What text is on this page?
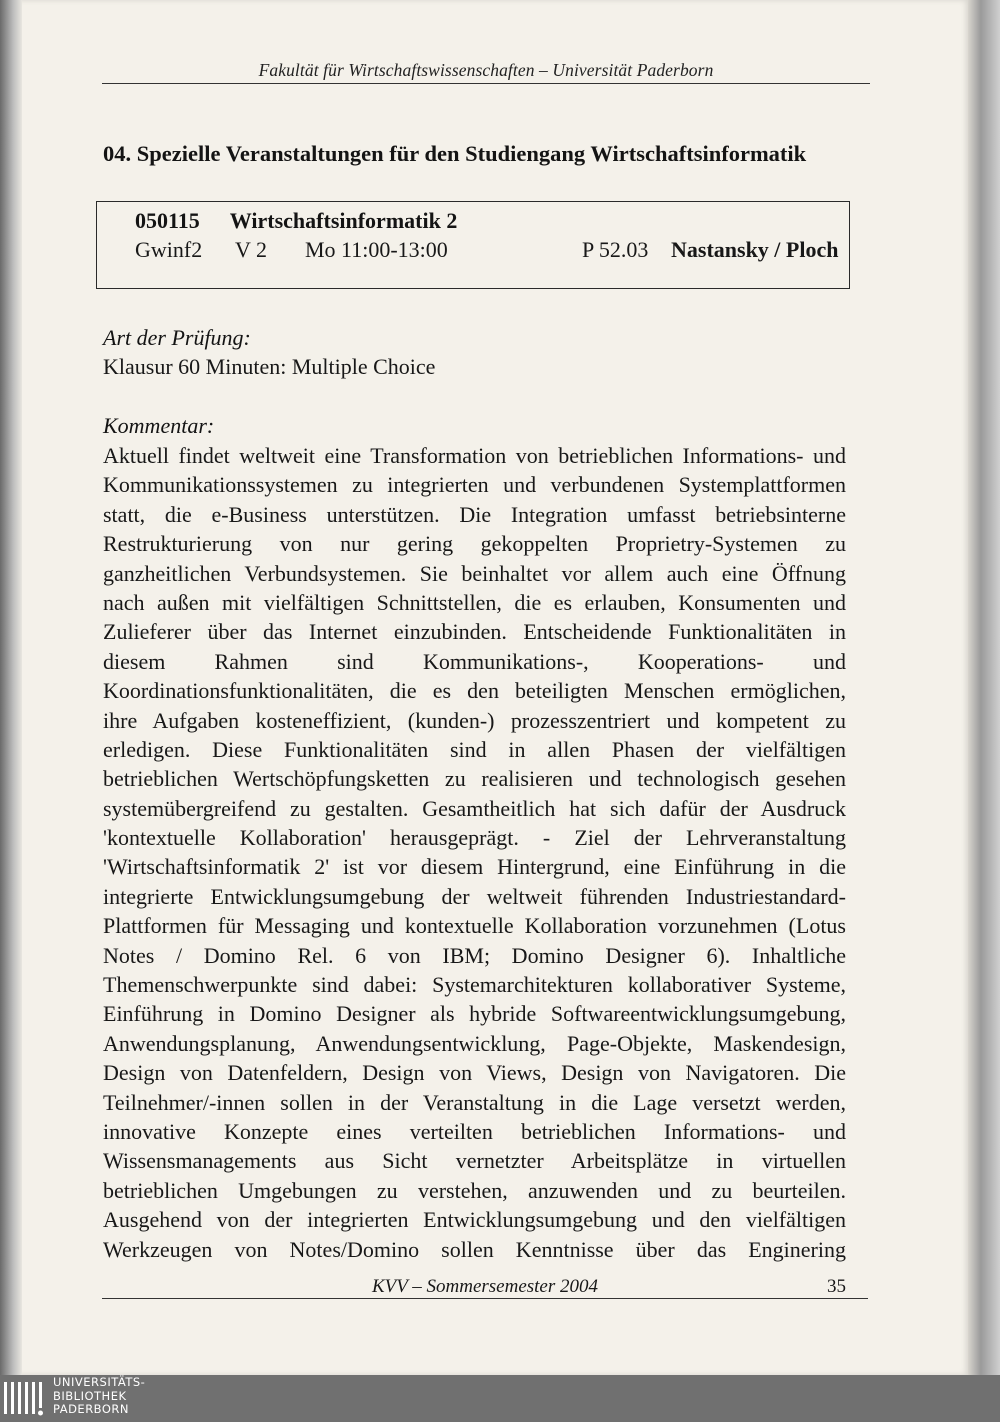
Fakultät für Wirtschaftswissenschaften – Universität Paderborn
04. Spezielle Veranstaltungen für den Studiengang Wirtschaftsinformatik
050115 Wirtschaftsinformatik 2
Gwinf2 V 2 Mo 11:00-13:00	P 52.03 Nastansky / Ploch
Art der Prüfung:
Klausur 60 Minuten: Multiple Choice
Kommentar:
Aktuell findet weltweit eine Transformation von betrieblichen Informations- und
Kommunikationssystemen zu integrierten und verbundenen Systemplattformen
statt, die e-Business unterstützen. Die Integration umfasst betriebsinterne
Restrukturierung von nur gering gekoppelten Proprietry-Systemen zu
ganzheitlichen Verbundsystemen. Sie beinhaltet vor allem auch eine Öffnung
nach außen mit vielfältigen Schnittstellen, die es erlauben, Konsumenten und
Zulieferer über das Internet einzubinden. Entscheidende Funktionalitäten in
diesem Rahmen sind Kommunikations-, Kooperations- und
Koordinationsfunktionalitäten, die es den beteiligten Menschen ermöglichen,
ihre Aufgaben kosteneffizient, (kunden-) prozesszentriert und kompetent zu
erledigen. Diese Funktionalitäten sind in allen Phasen der vielfältigen
betrieblichen Wertschöpfungsketten zu realisieren und technologisch gesehen
systemübergreifend zu gestalten. Gesamtheitlich hat sich dafür der Ausdruck
'kontextuelle Kollaboration' herausgeprägt. - Ziel der Lehrveranstaltung
'Wirtschaftsinformatik 2' ist vor diesem Hintergrund, eine Einführung in die
integrierte Entwicklungsumgebung der weltweit führenden Industriestandard-
Plattformen für Messaging und kontextuelle Kollaboration vorzunehmen (Lotus
Notes / Domino Rel. 6 von IBM; Domino Designer 6). Inhaltliche
Themenschwerpunkte sind dabei: Systemarchitekturen kollaborativer Systeme,
Einführung in Domino Designer als hybride Softwareentwicklungsumgebung,
Anwendungsplanung, Anwendungsentwicklung, Page-Objekte, Maskendesign,
Design von Datenfeldern, Design von Views, Design von Navigatoren. Die
Teilnehmer/-innen sollen in der Veranstaltung in die Lage versetzt werden,
innovative Konzepte eines verteilten betrieblichen Informations- und
Wissensmanagements aus Sicht vernetzter Arbeitsplätze in virtuellen
betrieblichen Umgebungen zu verstehen, anzuwenden und zu beurteilen.
Ausgehend von der integrierten Entwicklungsumgebung und den vielfältigen
Werkzeugen von Notes/Domino sollen Kenntnisse über das Enginering
KVV – Sommersemester 2004	35
UNIVERSITÄTS-
BIBLIOTHEK
PADERBORN
